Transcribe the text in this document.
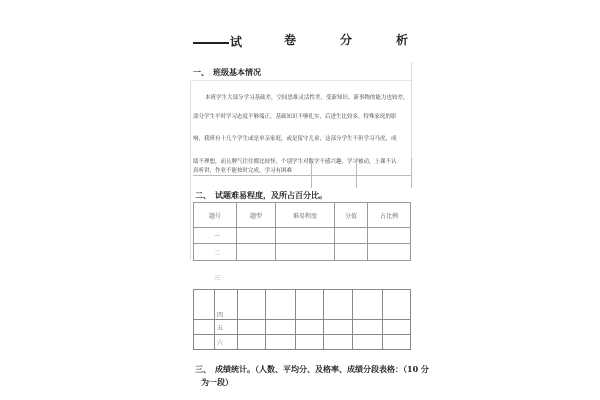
试	卷	分	析
一、　班级基本情况
本班学生大部分学习基础差，空间思维灵活性差，受新知识、新事物的能力也较差，
部分学生平时学习态度不够端正，基础知识不够扎实，后进生比较多，特殊家庭的影
响，我班有十几个学生或是单亲家庭，或是留守儿童，这部分学生不但学习马虎，成
绩不理想，而且脾气往往都比较怪，个别学生对数学不感兴趣，学习被动，上课不认
真听讲，作业不能按时完成，学习有困难
二、　试题难易程度，及所占百分比。
题号	题型	难易程度	分值	占比例
一				
二				
三
	四						
	五						
	六						
三、　成绩统计。（人数、平均分、及格率、成绩分段表格：（10 分
为一段）
